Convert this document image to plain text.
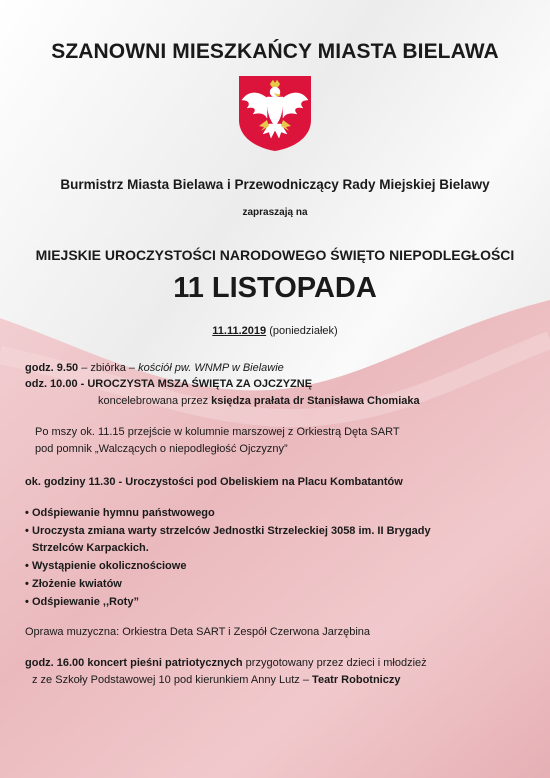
SZANOWNI MIESZKAŃCY MIASTA BIELAWA
Burmistrz Miasta Bielawa i Przewodniczący Rady Miejskiej Bielawy
zapraszają na
MIEJSKIE UROCZYSTOŚCI NARODOWEGO ŚWIĘTO NIEPODLEGŁOŚCI
11 LISTOPADA
11.11.2019 (poniedziałek)
godz. 9.50 – zbiórka – kościół pw. WNMP w Bielawie
odz. 10.00 - UROCZYSTA MSZA ŚWIĘTA ZA OJCZYZNĘ
koncelebrowana przez księdza prałata dr Stanisława Chomiaka
Po mszy ok. 11.15 przejście w kolumnie marszowej z Orkiestrą Dęta SART
pod pomnik „Walczących o niepodległość Ojczyzny”
ok. godziny 11.30 - Uroczystości pod Obeliskiem na Placu Kombatantów
• Odśpiewanie hymnu państwowego
• Uroczysta zmiana warty strzelców Jednostki Strzeleckiej 3058 im. II Brygady
Strzelców Karpackich.
• Wystąpienie okolicznościowe
• Złożenie kwiatów
• Odśpiewanie ,,Roty”
Oprawa muzyczna: Orkiestra Deta SART i Zespół Czerwona Jarzębina
godz. 16.00 koncert pieśni patriotycznych przygotowany przez dzieci i młodzież
z ze Szkoły Podstawowej 10 pod kierunkiem Anny Lutz – Teatr Robotniczy
